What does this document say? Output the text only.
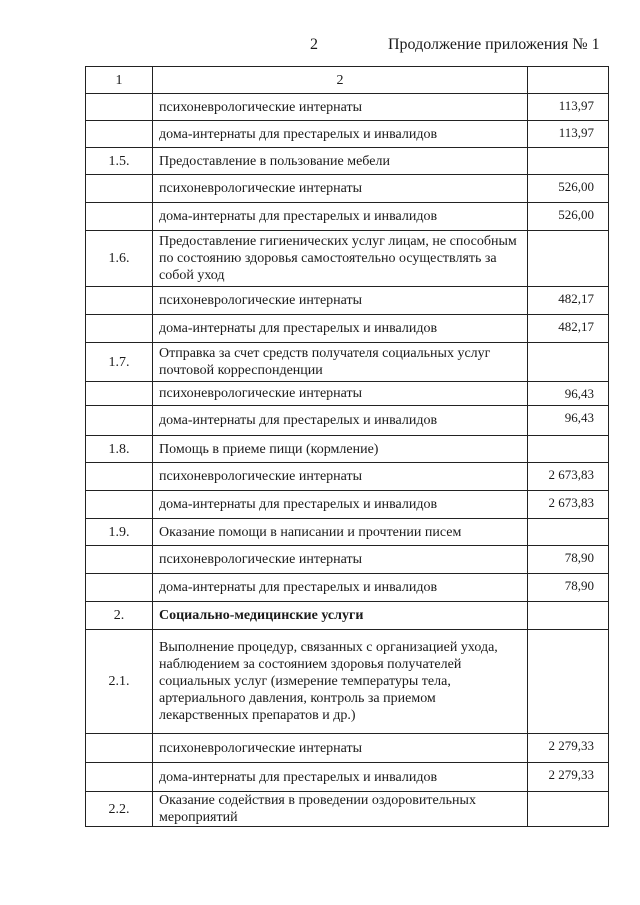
2	Продолжение приложения № 1
1	2	
	психоневрологические интернаты	113,97
	дома-интернаты для престарелых и инвалидов	113,97
1.5.	Предоставление в пользование мебели	
	психоневрологические интернаты	526,00
	дома-интернаты для престарелых и инвалидов	526,00
1.6.	Предоставление гигиенических услуг лицам, не способным по состоянию здоровья самостоятельно осуществлять за собой уход	
	психоневрологические интернаты	482,17
	дома-интернаты для престарелых и инвалидов	482,17
1.7.	Отправка за счет средств получателя социальных услуг почтовой корреспонденции	
	психоневрологические интернаты	96,43
	дома-интернаты для престарелых и инвалидов	96,43
1.8.	Помощь в приеме пищи (кормление)	
	психоневрологические интернаты	2 673,83
	дома-интернаты для престарелых и инвалидов	2 673,83
1.9.	Оказание помощи в написании и прочтении писем	
	психоневрологические интернаты	78,90
	дома-интернаты для престарелых и инвалидов	78,90
2.	Социально-медицинские услуги	
2.1.	Выполнение процедур, связанных с организацией ухода, наблюдением за состоянием здоровья получателей социальных услуг (измерение температуры тела, артериального давления, контроль за приемом лекарственных препаратов и др.)	
	психоневрологические интернаты	2 279,33
	дома-интернаты для престарелых и инвалидов	2 279,33
2.2.	Оказание содействия в проведении оздоровительных мероприятий	
